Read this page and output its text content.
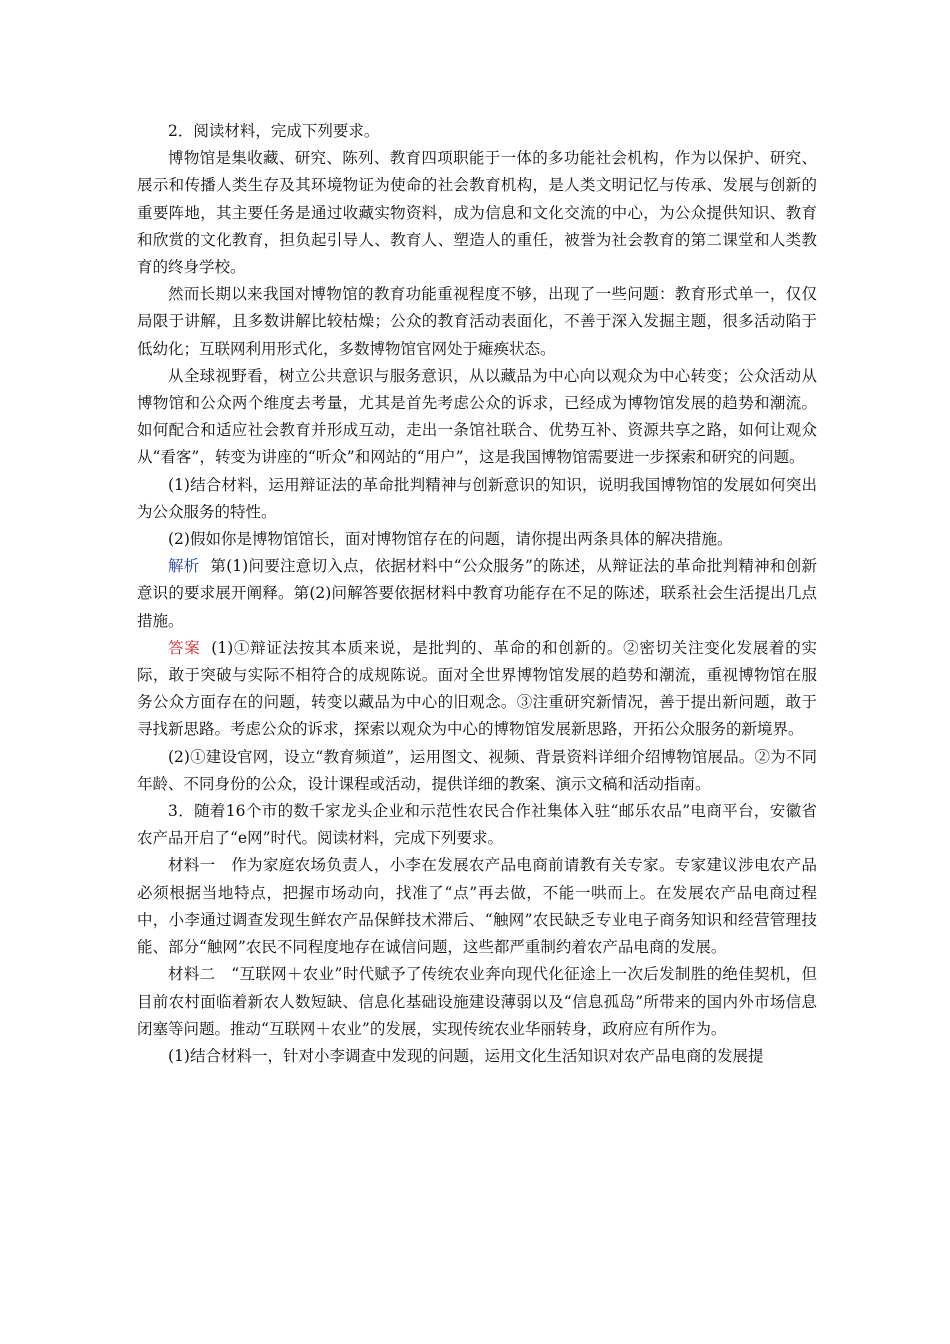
2．阅读材料，完成下列要求。

博物馆是集收藏、研究、陈列、教育四项职能于一体的多功能社会机构，作为以保护、研究、展示和传播人类生存及其环境物证为使命的社会教育机构，是人类文明记忆与传承、发展与创新的重要阵地，其主要任务是通过收藏实物资料，成为信息和文化交流的中心，为公众提供知识、教育和欣赏的文化教育，担负起引导人、教育人、塑造人的重任，被誉为社会教育的第二课堂和人类教育的终身学校。

然而长期以来我国对博物馆的教育功能重视程度不够，出现了一些问题：教育形式单一，仅仅局限于讲解，且多数讲解比较枯燥；公众的教育活动表面化，不善于深入发掘主题，很多活动陷于低幼化；互联网利用形式化，多数博物馆官网处于瘫痪状态。

从全球视野看，树立公共意识与服务意识，从以藏品为中心向以观众为中心转变；公众活动从博物馆和公众两个维度去考量，尤其是首先考虑公众的诉求，已经成为博物馆发展的趋势和潮流。如何配合和适应社会教育并形成互动，走出一条馆社联合、优势互补、资源共享之路，如何让观众从“看客”，转变为讲座的“听众”和网站的“用户”，这是我国博物馆需要进一步探索和研究的问题。

(1)结合材料，运用辩证法的革命批判精神与创新意识的知识，说明我国博物馆的发展如何突出为公众服务的特性。

(2)假如你是博物馆馆长，面对博物馆存在的问题，请你提出两条具体的解决措施。

解析 第(1)问要注意切入点，依据材料中“公众服务”的陈述，从辩证法的革命批判精神和创新意识的要求展开阐释。第(2)问解答要依据材料中教育功能存在不足的陈述，联系社会生活提出几点措施。

答案 (1)①辩证法按其本质来说，是批判的、革命的和创新的。②密切关注变化发展着的实际，敢于突破与实际不相符合的成规陈说。面对全世界博物馆发展的趋势和潮流，重视博物馆在服务公众方面存在的问题，转变以藏品为中心的旧观念。③注重研究新情况，善于提出新问题，敢于寻找新思路。考虑公众的诉求，探索以观众为中心的博物馆发展新思路，开拓公众服务的新境界。

(2)①建设官网，设立“教育频道”，运用图文、视频、背景资料详细介绍博物馆展品。②为不同年龄、不同身份的公众，设计课程或活动，提供详细的教案、演示文稿和活动指南。

3．随着16个市的数千家龙头企业和示范性农民合作社集体入驻“邮乐农品”电商平台，安徽省农产品开启了“e网”时代。阅读材料，完成下列要求。

材料一　作为家庭农场负责人，小李在发展农产品电商前请教有关专家。专家建议涉电农产品必须根据当地特点，把握市场动向，找准了“点”再去做，不能一哄而上。在发展农产品电商过程中，小李通过调查发现生鲜农产品保鲜技术滞后、“触网”农民缺乏专业电子商务知识和经营管理技能、部分“触网”农民不同程度地存在诚信问题，这些都严重制约着农产品电商的发展。

材料二　“互联网＋农业”时代赋予了传统农业奔向现代化征途上一次后发制胜的绝佳契机，但目前农村面临着新农人数短缺、信息化基础设施建设薄弱以及“信息孤岛”所带来的国内外市场信息闭塞等问题。推动“互联网＋农业”的发展，实现传统农业华丽转身，政府应有所作为。

(1)结合材料一，针对小李调查中发现的问题，运用文化生活知识对农产品电商的发展提
